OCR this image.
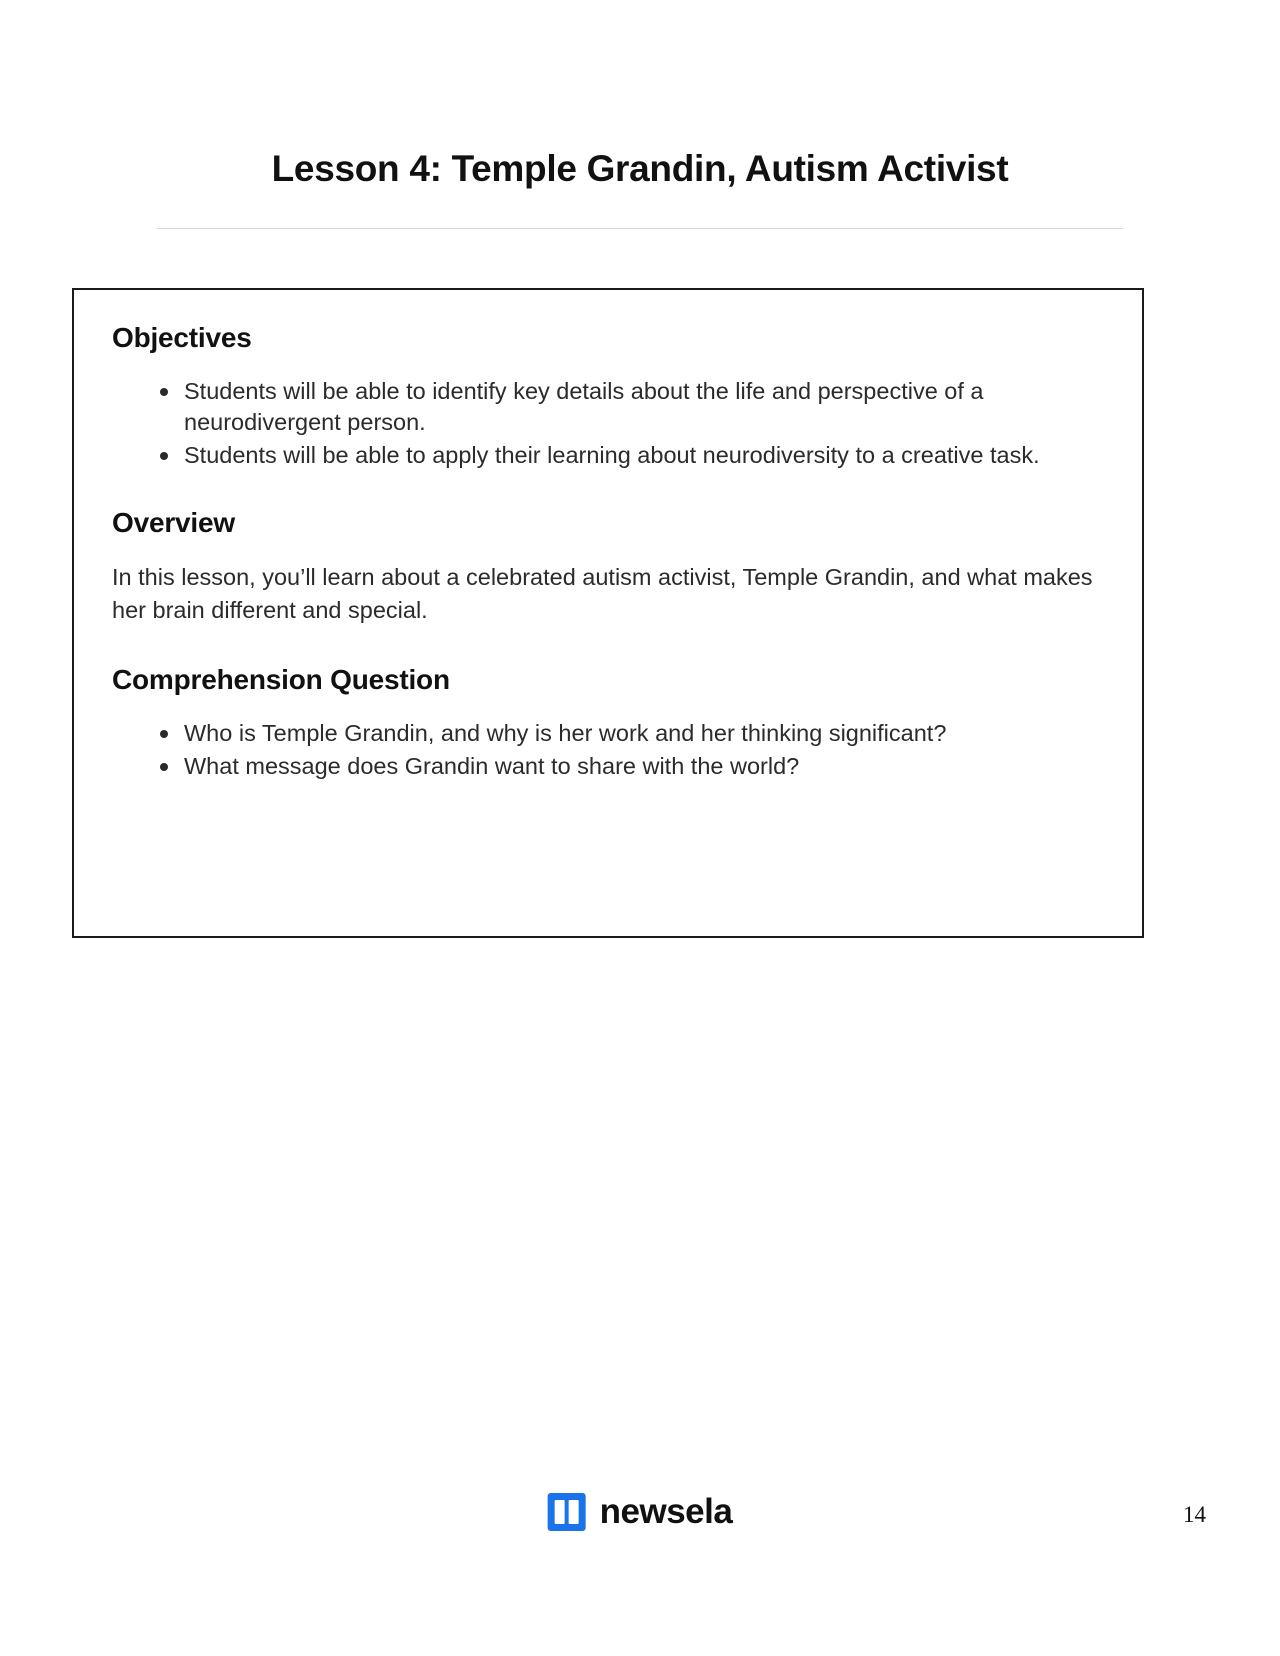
Lesson 4: Temple Grandin, Autism Activist
Objectives
Students will be able to identify key details about the life and perspective of a neurodivergent person.
Students will be able to apply their learning about neurodiversity to a creative task.
Overview

In this lesson, you’ll learn about a celebrated autism activist, Temple Grandin, and what makes her brain different and special.

Comprehension Question
Who is Temple Grandin, and why is her work and her thinking significant?
What message does Grandin want to share with the world?
newsela	14
